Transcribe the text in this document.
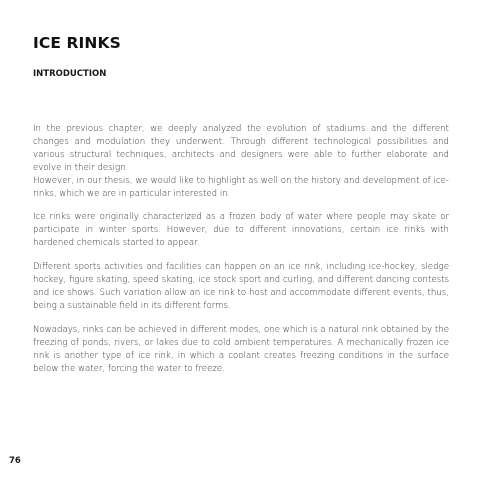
ICE RINKS
INTRODUCTION

In the previous chapter, we deeply analyzed the evolution of stadiums and the different changes and modulation they underwent. Through different technological possibilities and various structural techniques, architects and designers were able to further elaborate and evolve in their design.
However, in our thesis, we would like to highlight as well on the history and development of ice-rinks, which we are in particular interested in.

Ice rinks were originally characterized as a frozen body of water where people may skate or participate in winter sports. However, due to different innovations, certain ice rinks with hardened chemicals started to appear.

Different sports activities and facilities can happen on an ice rink, including ice-hockey, sledge hockey, figure skating, speed skating, ice stock sport and curling, and different dancing contests and ice shows. Such variation allow an ice rink to host and accommodate different events, thus, being a sustainable field in its different forms.

Nowadays, rinks can be achieved in different modes, one which is a natural rink obtained by the freezing of ponds, rivers, or lakes due to cold ambient temperatures. A mechanically frozen ice rink is another type of ice rink, in which a coolant creates freezing conditions in the surface below the water, forcing the water to freeze.

76
